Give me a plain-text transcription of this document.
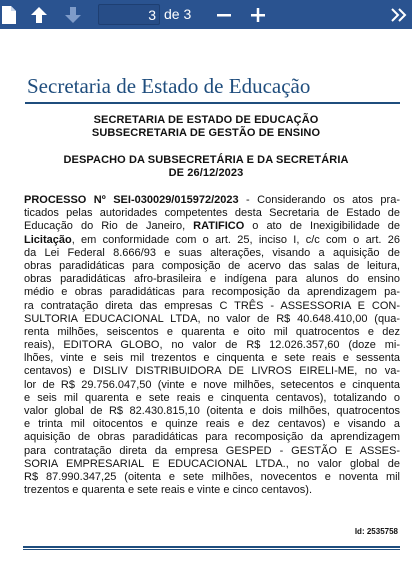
3
de 3
Secretaria de Estado de Educação
SECRETARIA DE ESTADO DE EDUCAÇÃO
SUBSECRETARIA DE GESTÃO DE ENSINO
DESPACHO DA SUBSECRETÁRIA E DA SECRETÁRIA
DE 26/12/2023
PROCESSO Nº SEI-030029/015972/2023 - Considerando os atos pra-
ticados pelas autoridades competentes desta Secretaria de Estado de
Educação do Rio de Janeiro, RATIFICO o ato de Inexigibilidade de
Licitação, em conformidade com o art. 25, inciso I, c/c com o art. 26
da Lei Federal 8.666/93 e suas alterações, visando a aquisição de
obras paradidáticas para composição de acervo das salas de leitura,
obras paradidáticas afro-brasileira e indígena para alunos do ensino
médio e obras paradidáticas para recomposição da aprendizagem pa-
ra contratação direta das empresas C TRÊS - ASSESSORIA E CON-
SULTORIA EDUCACIONAL LTDA, no valor de R$ 40.648.410,00 (qua-
renta milhões, seiscentos e quarenta e oito mil quatrocentos e dez
reais), EDITORA GLOBO, no valor de R$ 12.026.357,60 (doze mi-
lhões, vinte e seis mil trezentos e cinquenta e sete reais e sessenta
centavos) e DISLIV DISTRIBUIDORA DE LIVROS EIRELI-ME, no va-
lor de R$ 29.756.047,50 (vinte e nove milhões, setecentos e cinquenta
e seis mil quarenta e sete reais e cinquenta centavos), totalizando o
valor global de R$ 82.430.815,10 (oitenta e dois milhões, quatrocentos
e trinta mil oitocentos e quinze reais e dez centavos) e visando a
aquisição de obras paradidáticas para recomposição da aprendizagem
para contratação direta da empresa GESPED - GESTÃO E ASSES-
SORIA EMPRESARIAL E EDUCACIONAL LTDA., no valor global de
R$ 87.990.347,25 (oitenta e sete milhões, novecentos e noventa mil
trezentos e quarenta e sete reais e vinte e cinco centavos).
Id: 2535758
